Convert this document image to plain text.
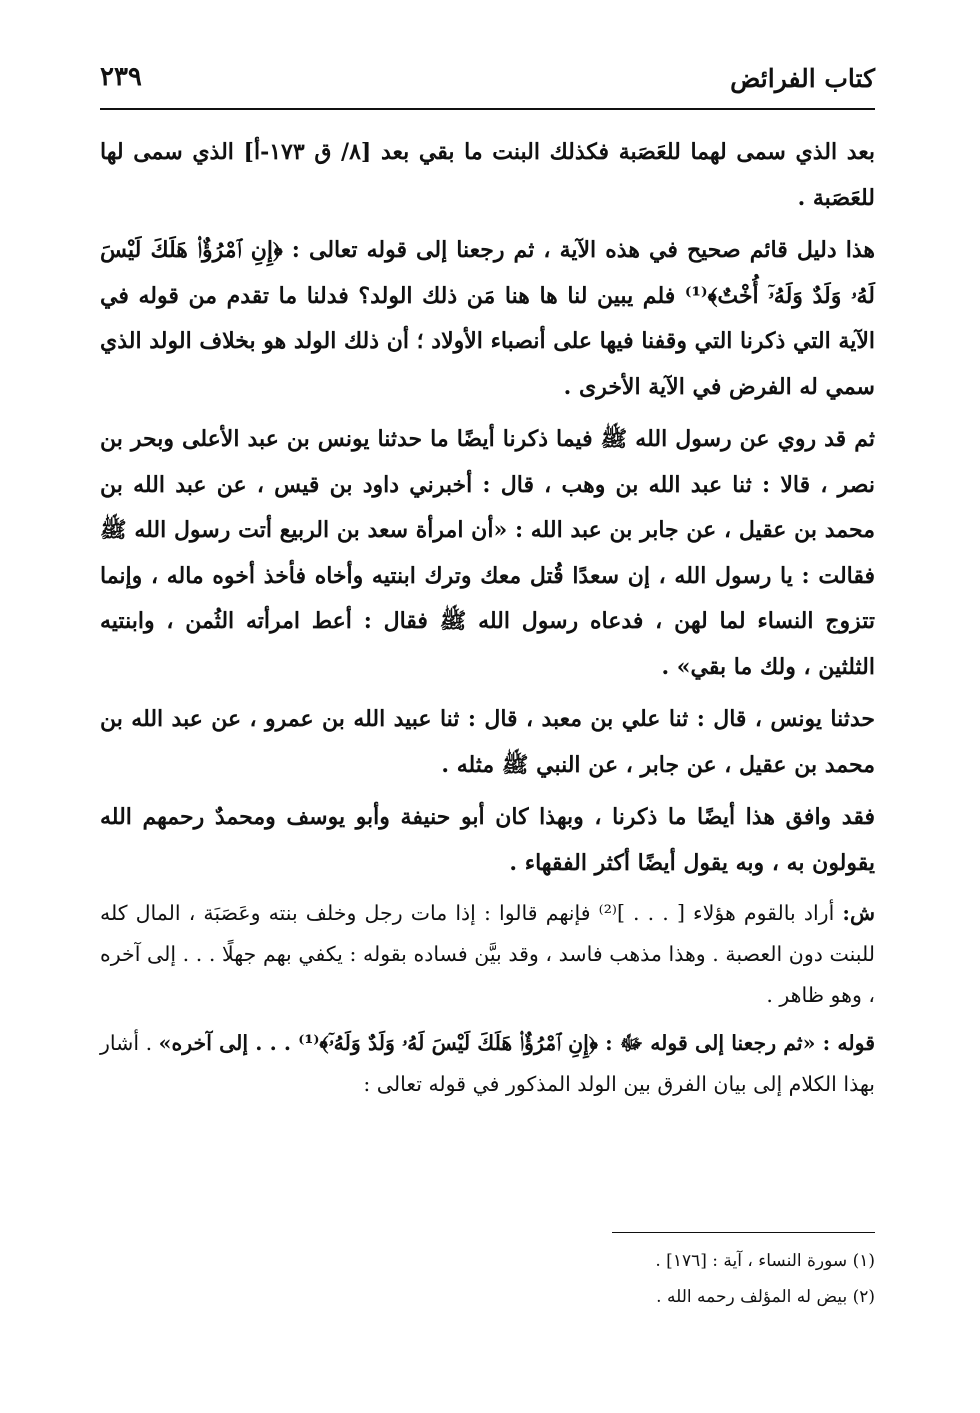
كتاب الفرائض
٢٣٩

بعد الذي سمى لهما للعَصَبة فكذلك البنت ما بقي بعد [٨/ ق ١٧٣-أ] الذي سمى لها للعَصَبة .

هذا دليل قائم صحيح في هذه الآية ، ثم رجعنا إلى قوله تعالى : ﴿إِنِ ٱمْرُؤٌا۟ هَلَكَ لَيْسَ لَهُۥ وَلَدٌ وَلَهُۥٓ أُخْتٌ﴾⁽¹⁾ فلم يبين لنا ها هنا مَن ذلك الولد؟ فدلنا ما تقدم من قوله في الآية التي ذكرنا التي وقفنا فيها على أنصباء الأولاد ؛ أن ذلك الولد هو بخلاف الولد الذي سمي له الفرض في الآية الأخرى .

ثم قد روي عن رسول الله ﷺ فيما ذكرنا أيضًا ما حدثنا يونس بن عبد الأعلى وبحر بن نصر ، قالا : ثنا عبد الله بن وهب ، قال : أخبرني داود بن قيس ، عن عبد الله بن محمد بن عقيل ، عن جابر بن عبد الله : «أن امرأة سعد بن الربيع أتت رسول الله ﷺ فقالت : يا رسول الله ، إن سعدًا قُتل معك وترك ابنتيه وأخاه فأخذ أخوه ماله ، وإنما تتزوج النساء لما لهن ، فدعاه رسول الله ﷺ فقال : أعط امرأته الثُمن ، وابنتيه الثلثين ، ولك ما بقي» .

حدثنا يونس ، قال : ثنا علي بن معبد ، قال : ثنا عبيد الله بن عمرو ، عن عبد الله بن محمد بن عقيل ، عن جابر ، عن النبي ﷺ مثله .

فقد وافق هذا أيضًا ما ذكرنا ، وبهذا كان أبو حنيفة وأبو يوسف ومحمدٌ رحمهم الله يقولون به ، وبه يقول أيضًا أكثر الفقهاء .

ش: أراد بالقوم هؤلاء [ . . . ]⁽²⁾ فإنهم قالوا : إذا مات رجل وخلف بنته وعَصَبَة ، المال كله للبنت دون العصبة . وهذا مذهب فاسد ، وقد بيَّن فساده بقوله : يكفي بهم جهلًا . . . إلى آخره ، وهو ظاهر .

قوله : «ثم رجعنا إلى قوله ﷻ : ﴿إِنِ ٱمْرُؤٌا۟ هَلَكَ لَيْسَ لَهُۥ وَلَدٌ وَلَهُۥٓ﴾⁽¹⁾ . . . إلى آخره» . أشار بهذا الكلام إلى بيان الفرق بين الولد المذكور في قوله تعالى :

(١) سورة النساء ، آية : [١٧٦] .

(٢) بيض له المؤلف رحمه الله .
